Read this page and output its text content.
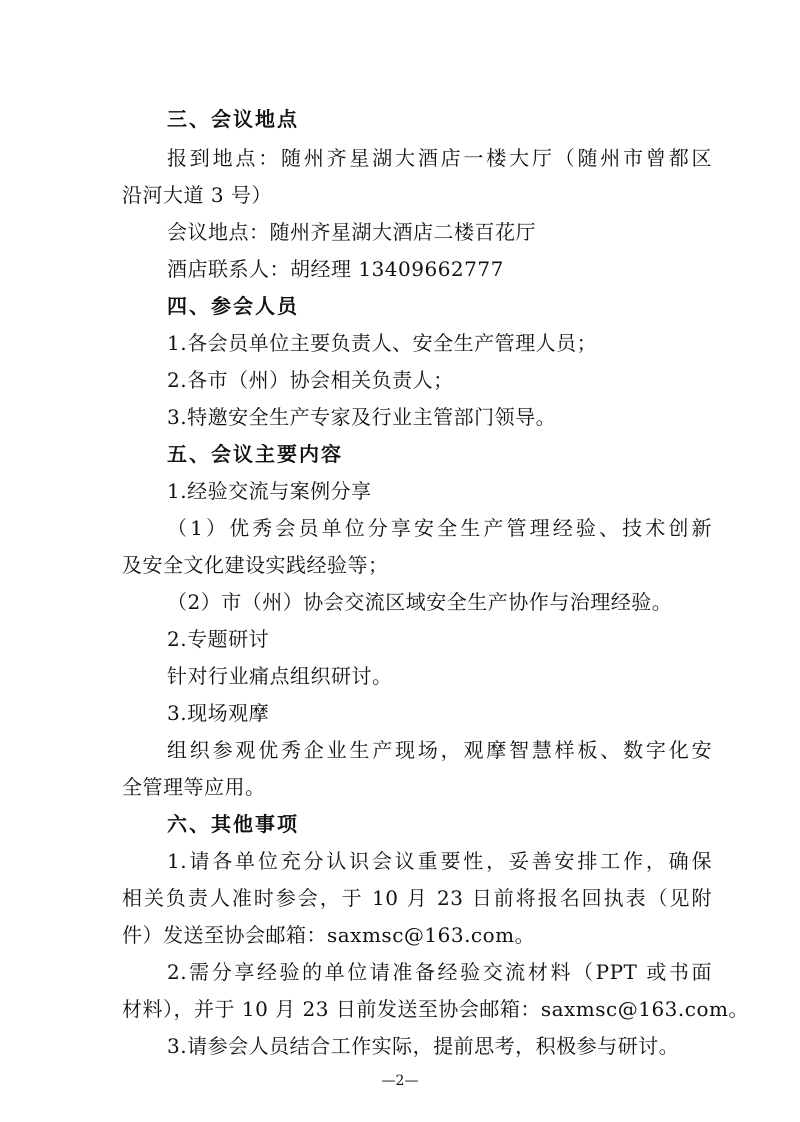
三、会议地点
报到地点：随州齐星湖大酒店一楼大厅（随州市曾都区
沿河大道 3 号）
会议地点：随州齐星湖大酒店二楼百花厅
酒店联系人：胡经理 13409662777
四、参会人员
1.各会员单位主要负责人、安全生产管理人员；
2.各市（州）协会相关负责人；
3.特邀安全生产专家及行业主管部门领导。
五、会议主要内容
1.经验交流与案例分享
（1）优秀会员单位分享安全生产管理经验、技术创新
及安全文化建设实践经验等；
（2）市（州）协会交流区域安全生产协作与治理经验。
2.专题研讨
针对行业痛点组织研讨。
3.现场观摩
组织参观优秀企业生产现场，观摩智慧样板、数字化安
全管理等应用。
六、其他事项
1.请各单位充分认识会议重要性，妥善安排工作，确保
相关负责人准时参会，于 10 月 23 日前将报名回执表（见附
件）发送至协会邮箱：saxmsc@163.com。
2.需分享经验的单位请准备经验交流材料（PPT 或书面
材料），并于 10 月 23 日前发送至协会邮箱：saxmsc@163.com。
3.请参会人员结合工作实际，提前思考，积极参与研讨。
—2—
